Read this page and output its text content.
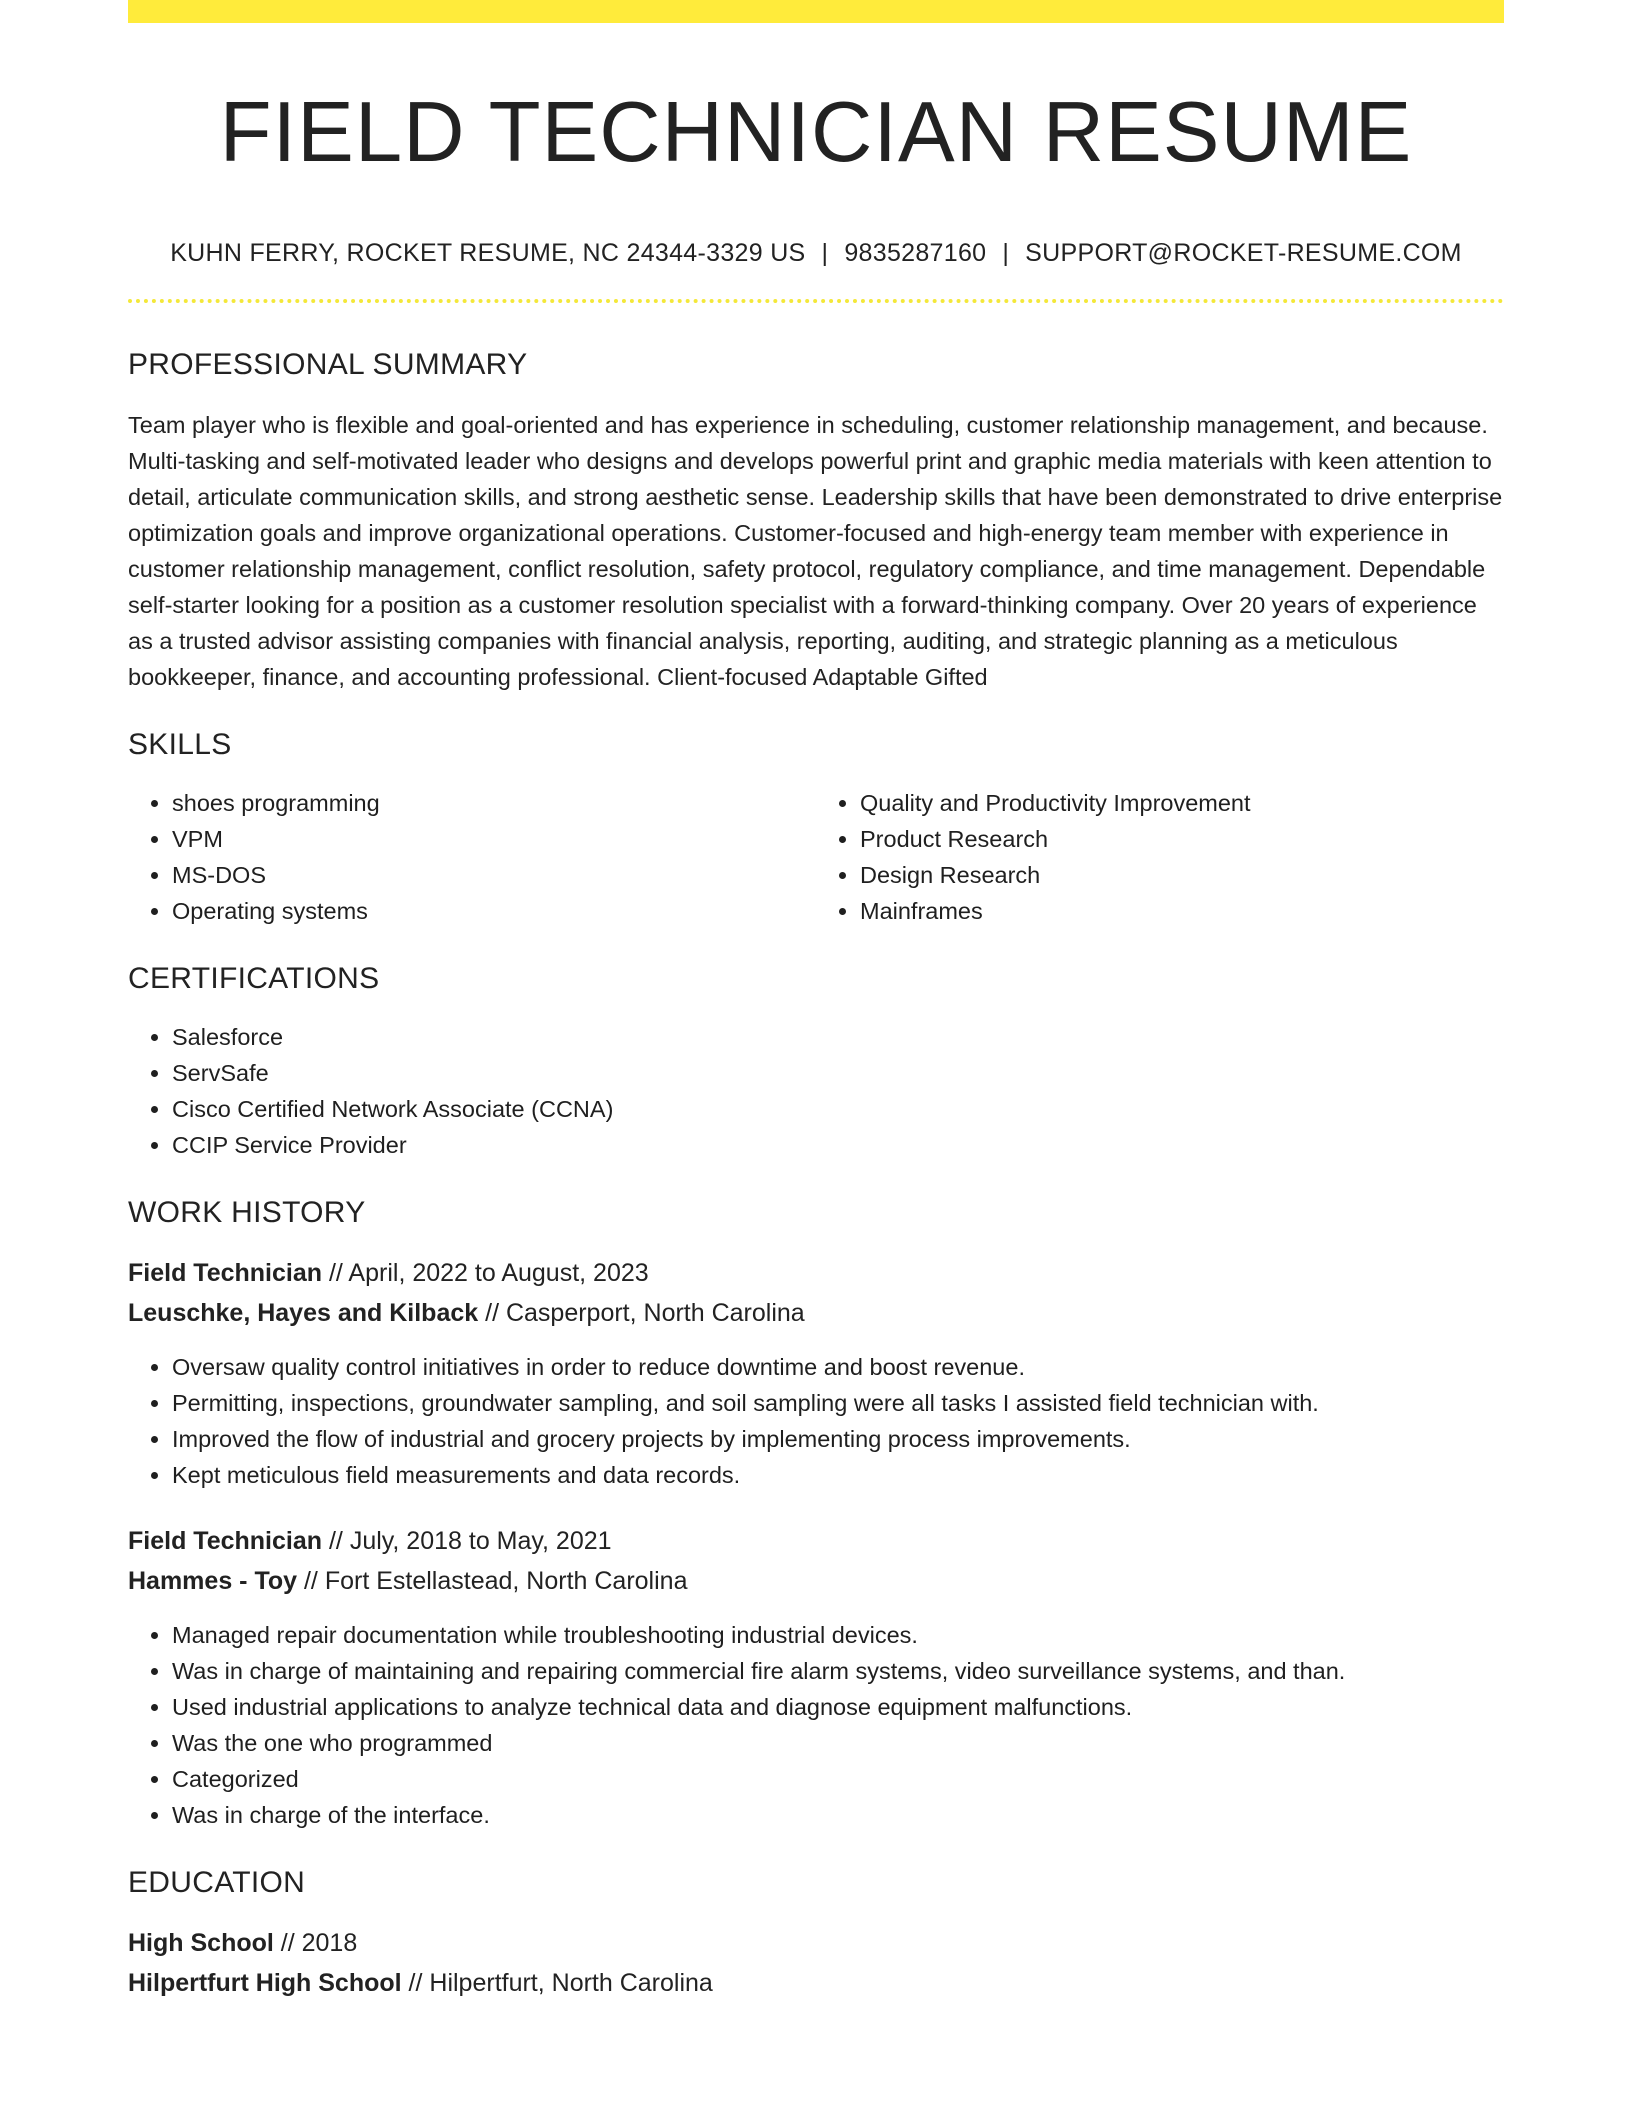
FIELD TECHNICIAN RESUME
KUHN FERRY, ROCKET RESUME, NC 24344-3329 US | 9835287160 | SUPPORT@ROCKET-RESUME.COM
PROFESSIONAL SUMMARY
Team player who is flexible and goal-oriented and has experience in scheduling, customer relationship management, and because. Multi-tasking and self-motivated leader who designs and develops powerful print and graphic media materials with keen attention to detail, articulate communication skills, and strong aesthetic sense. Leadership skills that have been demonstrated to drive enterprise optimization goals and improve organizational operations. Customer-focused and high-energy team member with experience in customer relationship management, conflict resolution, safety protocol, regulatory compliance, and time management. Dependable self-starter looking for a position as a customer resolution specialist with a forward-thinking company. Over 20 years of experience as a trusted advisor assisting companies with financial analysis, reporting, auditing, and strategic planning as a meticulous bookkeeper, finance, and accounting professional. Client-focused Adaptable Gifted
SKILLS
• shoes programming
• VPM
• MS-DOS
• Operating systems
• Quality and Productivity Improvement
• Product Research
• Design Research
• Mainframes
CERTIFICATIONS
• Salesforce
• ServSafe
• Cisco Certified Network Associate (CCNA)
• CCIP Service Provider
WORK HISTORY
Field Technician // April, 2022 to August, 2023
Leuschke, Hayes and Kilback // Casperport, North Carolina
• Oversaw quality control initiatives in order to reduce downtime and boost revenue.
• Permitting, inspections, groundwater sampling, and soil sampling were all tasks I assisted field technician with.
• Improved the flow of industrial and grocery projects by implementing process improvements.
• Kept meticulous field measurements and data records.
Field Technician // July, 2018 to May, 2021
Hammes - Toy // Fort Estellastead, North Carolina
• Managed repair documentation while troubleshooting industrial devices.
• Was in charge of maintaining and repairing commercial fire alarm systems, video surveillance systems, and than.
• Used industrial applications to analyze technical data and diagnose equipment malfunctions.
• Was the one who programmed
• Categorized
• Was in charge of the interface.
EDUCATION
High School // 2018
Hilpertfurt High School // Hilpertfurt, North Carolina
